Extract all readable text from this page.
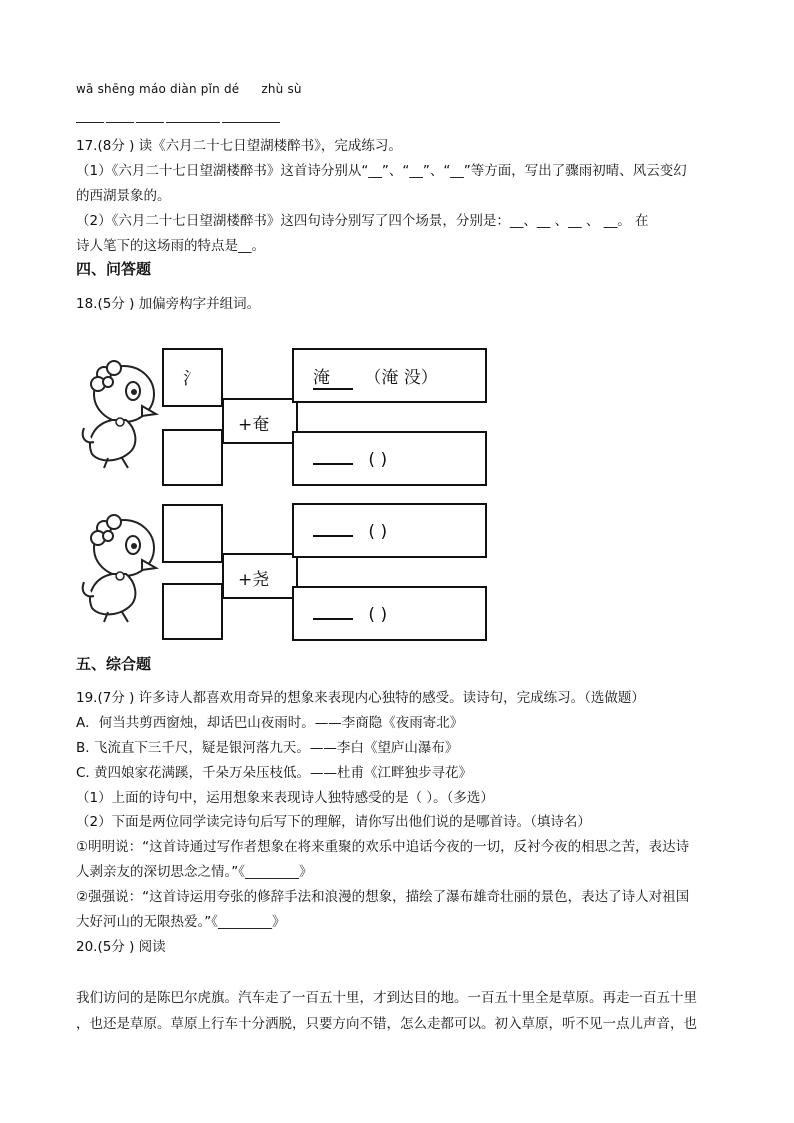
wā shēng máo diàn pǐn dé zhù sù
17.(8分 ) 读《六月二十七日望湖楼醉书》，完成练习。
（1）《六月二十七日望湖楼醉书》这首诗分别从“__”、“__”、“__”等方面，写出了骤雨初晴、风云变幻
的西湖景象的。
（2）《六月二十七日望湖楼醉书》这四句诗分别写了四个场景，分别是：__、__ 、__ 、 __。 在
诗人笔下的这场雨的特点是__。
四、问答题
18.(5分 ) 加偏旁构字并组词。
氵
+奄
淹 （淹 没）
( )
+尧
( )
( )
五、综合题
19.(7分 ) 许多诗人都喜欢用奇异的想象来表现内心独特的感受。读诗句，完成练习。（选做题）
A．何当共剪西窗烛，却话巴山夜雨时。——李商隐《夜雨寄北》
B. 飞流直下三千尺，疑是银河落九天。——李白《望庐山瀑布》
C. 黄四娘家花满蹊，千朵万朵压枝低。——杜甫《江畔独步寻花》
（1）上面的诗句中，运用想象来表现诗人独特感受的是（ ）。（多选）
（2）下面是两位同学读完诗句后写下的理解，请你写出他们说的是哪首诗。（填诗名）
①明明说：“这首诗通过写作者想象在将来重聚的欢乐中追话今夜的一切，反衬今夜的相思之苦，表达诗
人剥亲友的深切思念之情。”《________》
②强强说：“这首诗运用夸张的修辞手法和浪漫的想象，描绘了瀑布雄奇壮丽的景色，表达了诗人对祖国
大好河山的无限热爱。”《________》
20.(5分 ) 阅读
我们访问的是陈巴尔虎旗。汽车走了一百五十里，才到达目的地。一百五十里全是草原。再走一百五十里
，也还是草原。草原上行车十分洒脱，只要方向不错，怎么走都可以。初入草原，听不见一点儿声音，也
